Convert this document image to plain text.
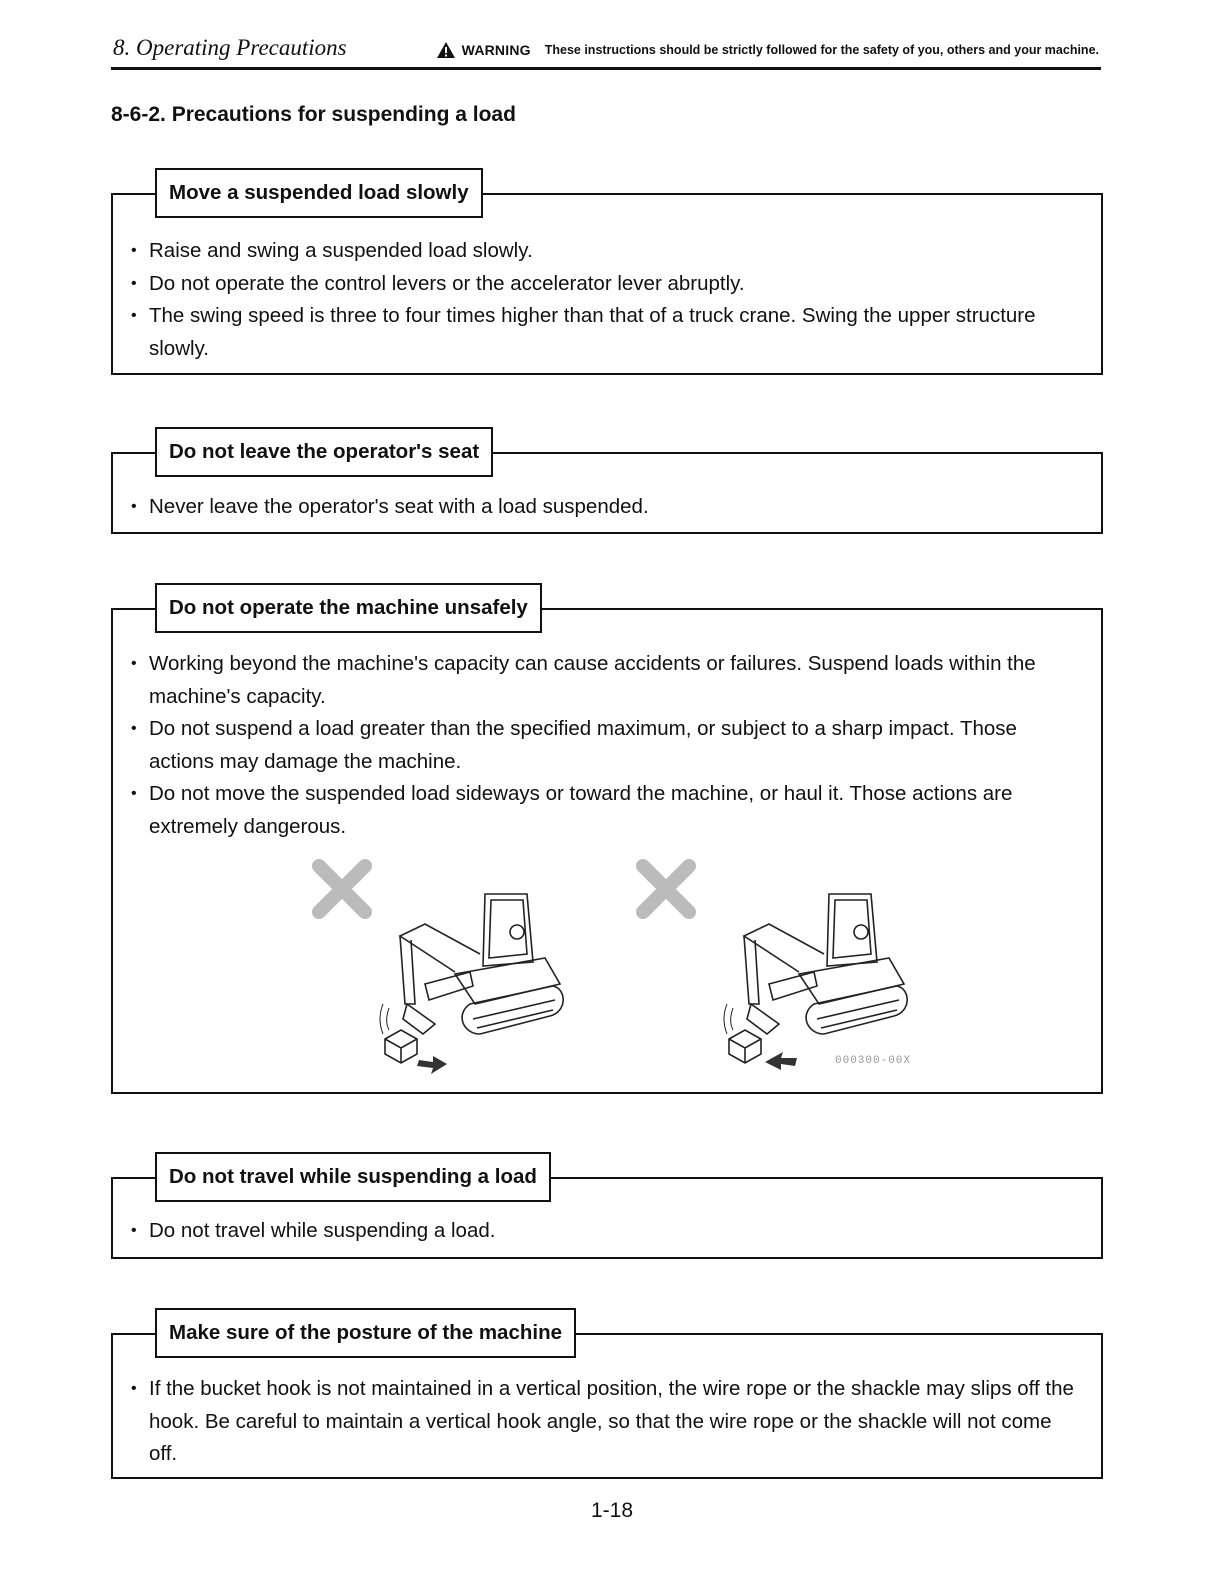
8. Operating Precautions	WARNING These instructions should be strictly followed for the safety of you, others and your machine.
8-6-2. Precautions for suspending a load
Move a suspended load slowly
• Raise and swing a suspended load slowly.
• Do not operate the control levers or the accelerator lever abruptly.
• The swing speed is three to four times higher than that of a truck crane. Swing the upper structure slowly.
Do not leave the operator's seat
• Never leave the operator's seat with a load suspended.
Do not operate the machine unsafely
• Working beyond the machine's capacity can cause accidents or failures. Suspend loads within the machine's capacity.
• Do not suspend a load greater than the specified maximum, or subject to a sharp impact. Those actions may damage the machine.
• Do not move the suspended load sideways or toward the machine, or haul it. Those actions are extremely dangerous.
000300-00X
Do not travel while suspending a load
• Do not travel while suspending a load.
Make sure of the posture of the machine
• If the bucket hook is not maintained in a vertical position, the wire rope or the shackle may slips off the hook. Be careful to maintain a vertical hook angle, so that the wire rope or the shackle will not come off.
1-18
